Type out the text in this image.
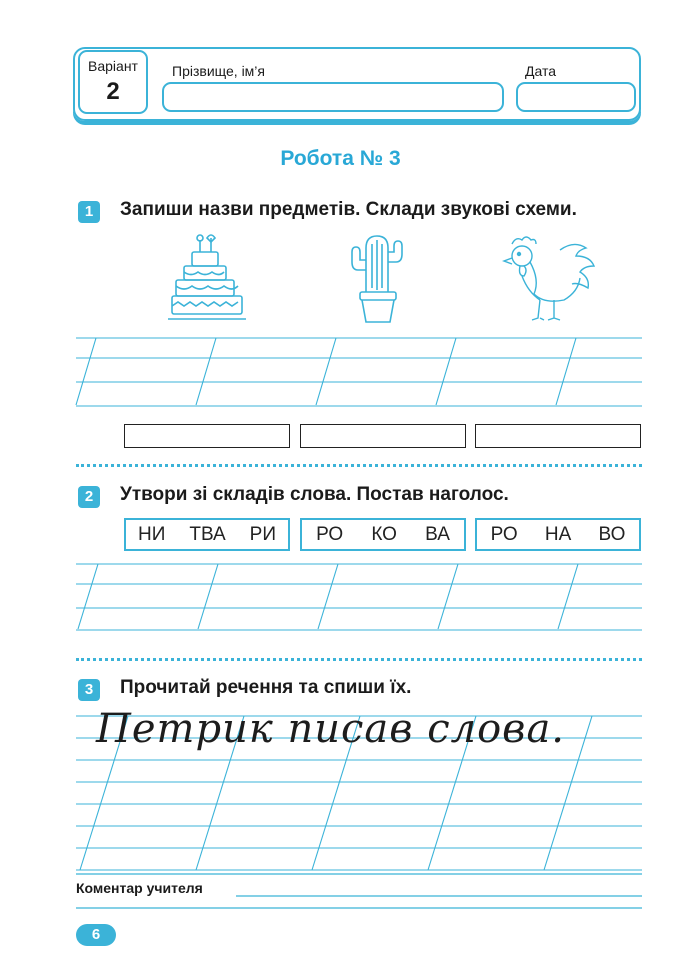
Варіант
2
Прізвище, ім’я	Дата
Робота № 3
1	Запиши назви предметів. Склади звукові схеми.
2	Утвори зі складів слова. Постав наголос.
НИ ТВА РИ РО КО ВА РО НА ВО
3	Прочитай речення та спиши їх.
Петрик писав слова.
Коментар учителя
6
